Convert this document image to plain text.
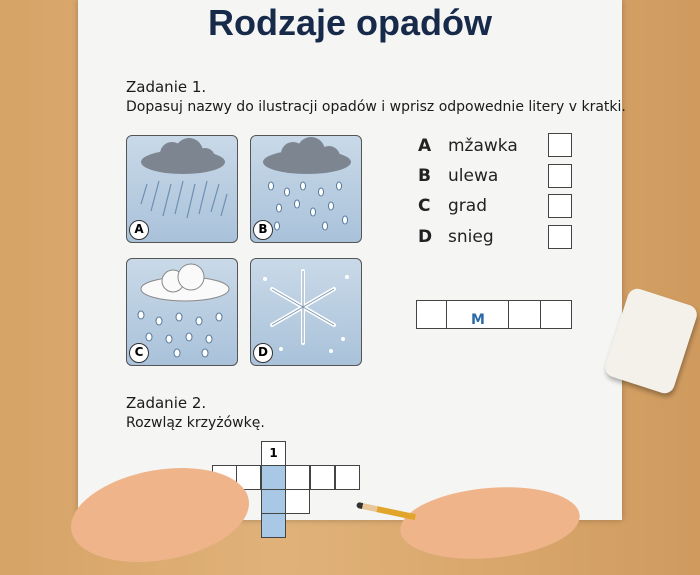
Rodzaje opadów
Zadanie 1.
Dopasuj nazwy do ilustracji opadów i wprisz odpowednie litery v kratki.
A	B
C	D
A mžawka
B ulewa
C grad
D snieg
M
Zadanie 2.
Rozwląz krzyżówkę.
1
